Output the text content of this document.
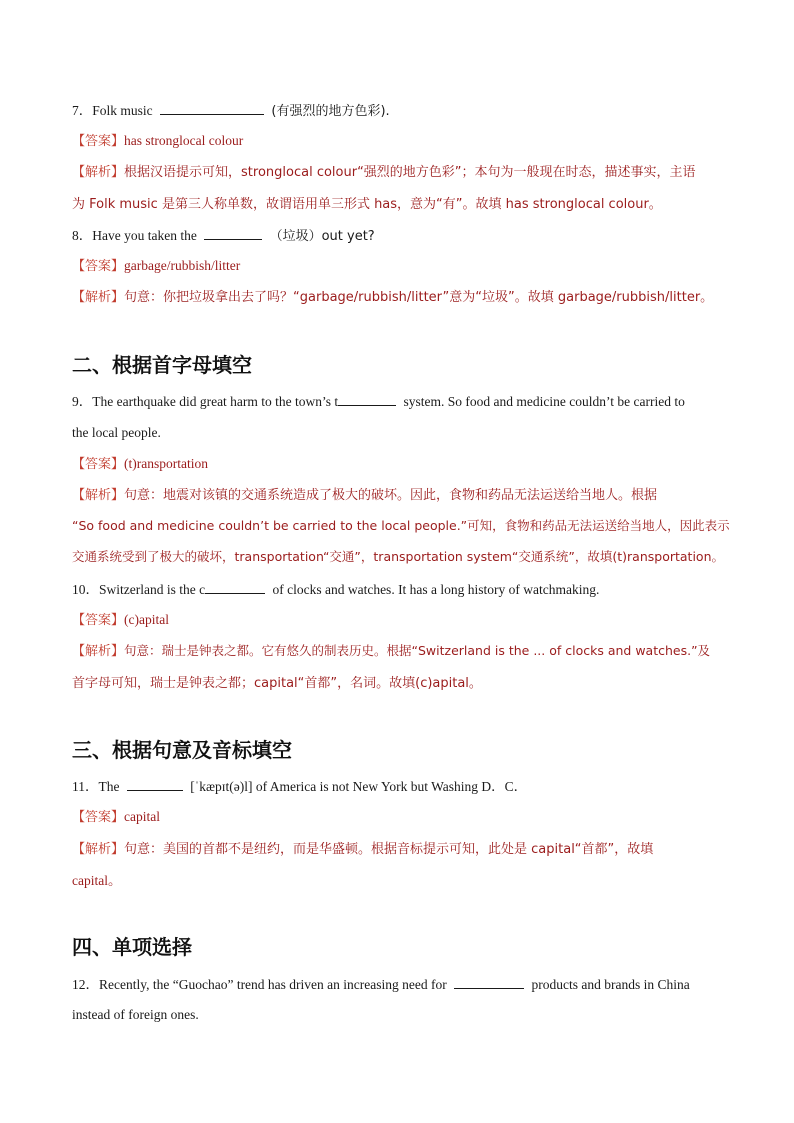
7．Folk music	(有强烈的地方色彩).
【答案】has stronglocal colour
【解析】根据汉语提示可知，stronglocal colour“强烈的地方色彩”；本句为一般现在时态，描述事实，主语
为 Folk music 是第三人称单数，故谓语用单三形式 has，意为“有”。故填 has stronglocal colour。
8．Have you taken the	（垃圾）out yet?
【答案】garbage/rubbish/litter
【解析】句意：你把垃圾拿出去了吗？“garbage/rubbish/litter”意为“垃圾”。故填 garbage/rubbish/litter。
二、根据首字母填空
9．The earthquake did great harm to the town’s t	system. So food and medicine couldn’t be carried to
the local people.
【答案】(t)ransportation
【解析】句意：地震对该镇的交通系统造成了极大的破坏。因此，食物和药品无法运送给当地人。根据
“So food and medicine couldn’t be carried to the local people.”可知，食物和药品无法运送给当地人，因此表示
交通系统受到了极大的破坏，transportation“交通”，transportation system“交通系统”，故填(t)ransportation。
10．Switzerland is the c	of clocks and watches. It has a long history of watchmaking.
【答案】(c)apital
【解析】句意：瑞士是钟表之都。它有悠久的制表历史。根据“Switzerland is the ... of clocks and watches.”及
首字母可知，瑞士是钟表之都；capital“首都”，名词。故填(c)apital。
三、根据句意及音标填空
11．The	[ˈkæpɪt(ə)l] of America is not New York but Washing D．C．
【答案】capital
【解析】句意：美国的首都不是纽约，而是华盛顿。根据音标提示可知，此处是 capital“首都”，故填
capital。
四、单项选择
12．Recently, the “Guochao” trend has driven an increasing need for	products and brands in China
instead of foreign ones.
